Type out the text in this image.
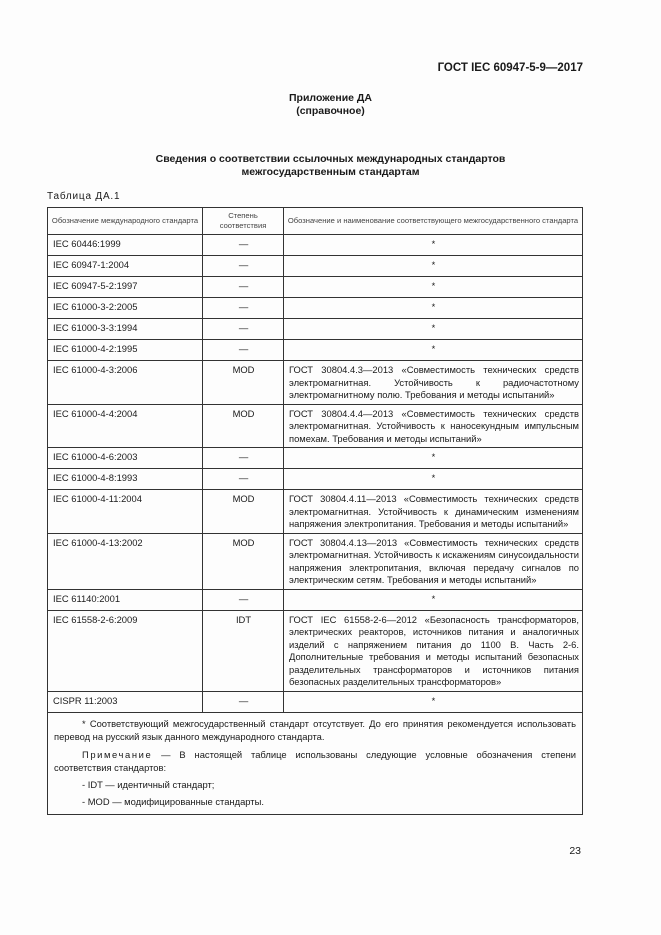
ГОСТ IEC 60947-5-9—2017
Приложение ДА
(справочное)
Сведения о соответствии ссылочных международных стандартов
межгосударственным стандартам
Таблица ДА.1
Обозначение международного стандарта	Степень соответствия	Обозначение и наименование соответствующего межгосударственного стандарта
IEC 60446:1999	—	*
IEC 60947-1:2004	—	*
IEC 60947-5-2:1997	—	*
IEC 61000-3-2:2005	—	*
IEC 61000-3-3:1994	—	*
IEC 61000-4-2:1995	—	*
IEC 61000-4-3:2006	MOD	ГОСТ 30804.4.3—2013 «Совместимость технических средств электромагнитная. Устойчивость к радиочастотному электромагнитному полю. Требования и методы испытаний»
IEC 61000-4-4:2004	MOD	ГОСТ 30804.4.4—2013 «Совместимость технических средств электромагнитная. Устойчивость к наносекундным импульсным помехам. Требования и методы испытаний»
IEC 61000-4-6:2003	—	*
IEC 61000-4-8:1993	—	*
IEC 61000-4-11:2004	MOD	ГОСТ 30804.4.11—2013 «Совместимость технических средств электромагнитная. Устойчивость к динамическим изменениям напряжения электропитания. Требования и методы испытаний»
IEC 61000-4-13:2002	MOD	ГОСТ 30804.4.13—2013 «Совместимость технических средств электромагнитная. Устойчивость к искажениям синусоидальности напряжения электропитания, включая передачу сигналов по электрическим сетям. Требования и методы испытаний»
IEC 61140:2001	—	*
IEC 61558-2-6:2009	IDT	ГОСТ IEC 61558-2-6—2012 «Безопасность трансформаторов, электрических реакторов, источников питания и аналогичных изделий с напряжением питания до 1100 В. Часть 2-6. Дополнительные требования и методы испытаний безопасных разделительных трансформаторов и источников питания безопасных разделительных трансформаторов»
CISPR 11:2003	—	*

* Соответствующий межгосударственный стандарт отсутствует. До его принятия рекомендуется использовать перевод на русский язык данного международного стандарта.

Примечание — В настоящей таблице использованы следующие условные обозначения степени соответствия стандартов:

- IDT — идентичный стандарт;

- MOD — модифицированные стандарты.		

23
